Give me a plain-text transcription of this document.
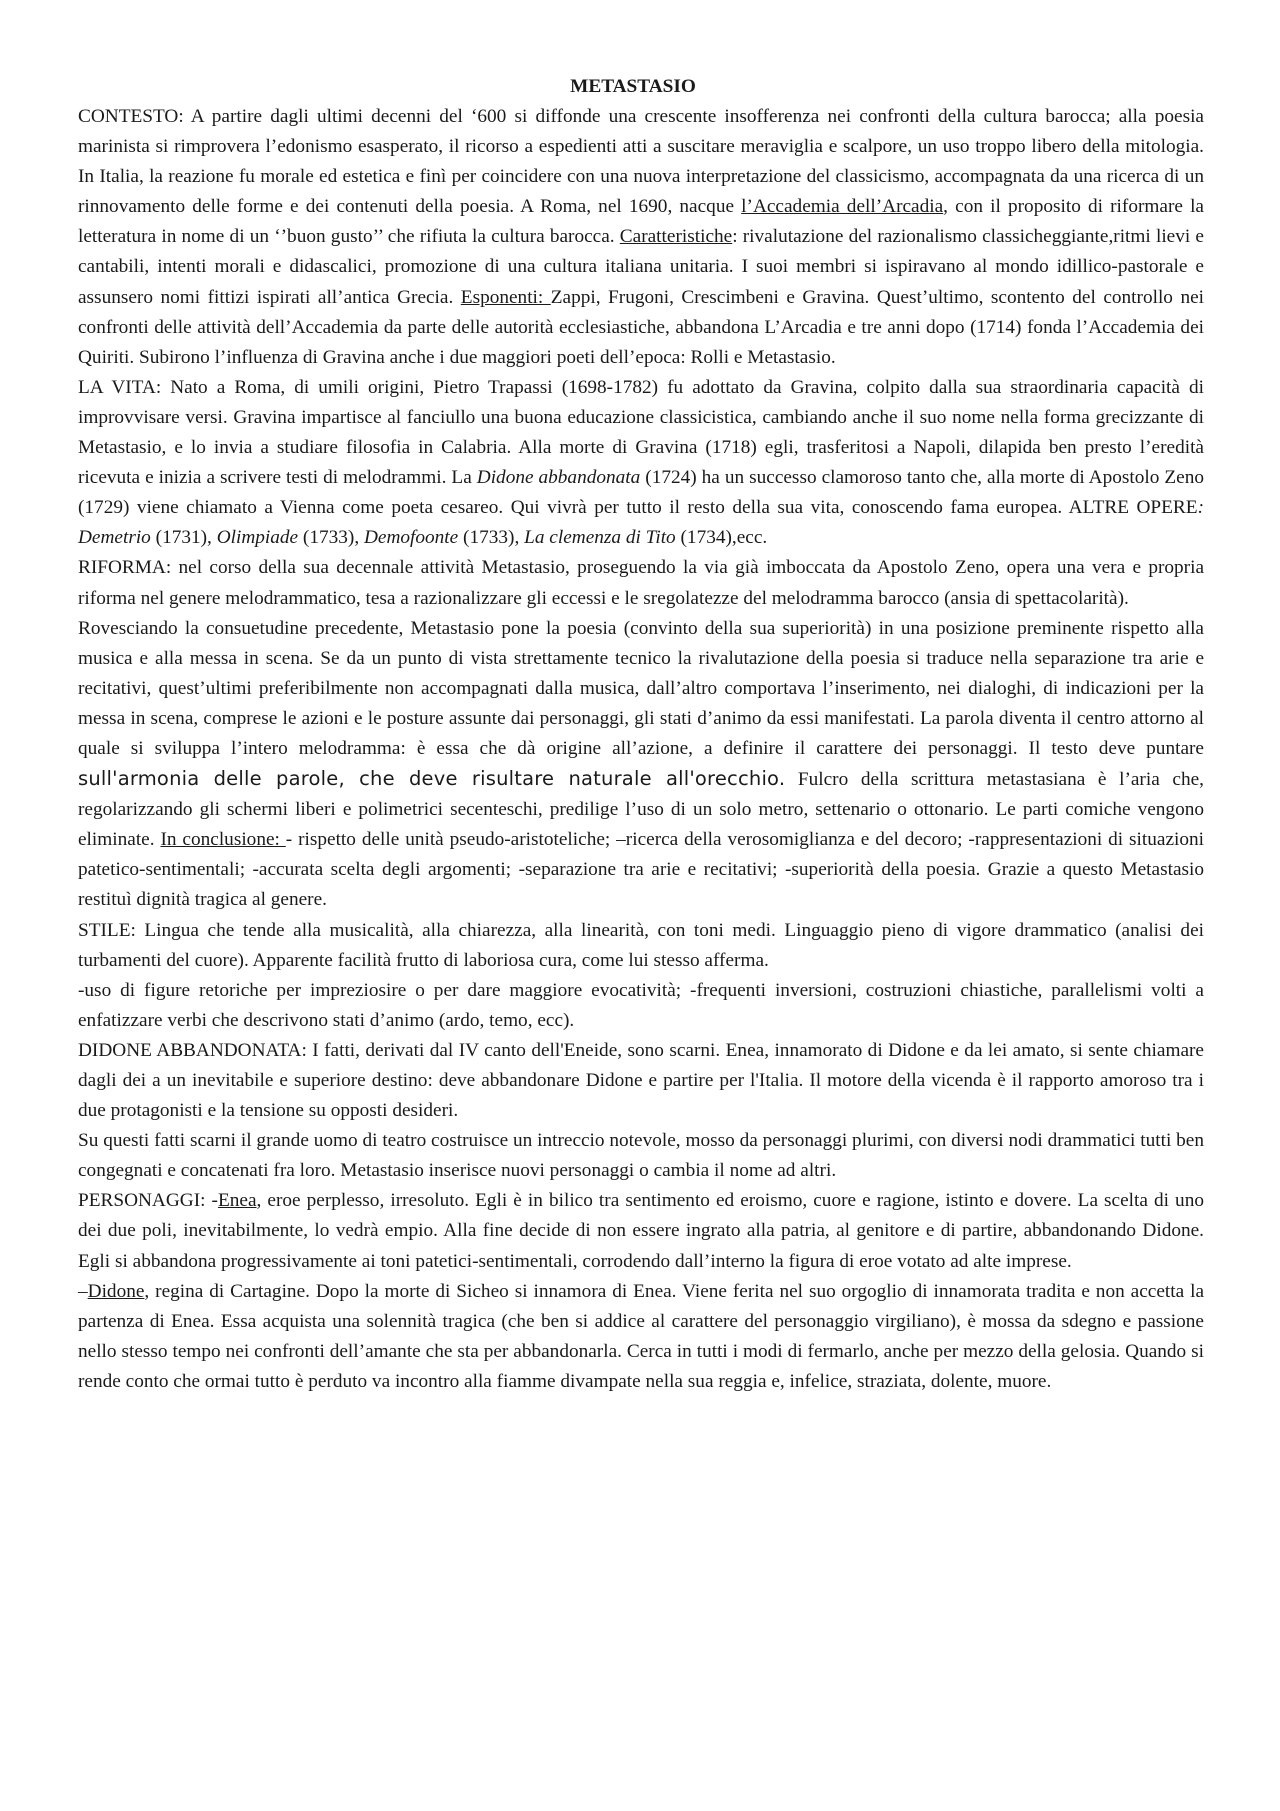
METASTASIO

CONTESTO: A partire dagli ultimi decenni del ‘600 si diffonde una crescente insofferenza nei confronti della cultura barocca; alla poesia marinista si rimprovera l’edonismo esasperato, il ricorso a espedienti atti a suscitare meraviglia e scalpore, un uso troppo libero della mitologia. In Italia, la reazione fu morale ed estetica e finì per coincidere con una nuova interpretazione del classicismo, accompagnata da una ricerca di un rinnovamento delle forme e dei contenuti della poesia. A Roma, nel 1690, nacque l’Accademia dell’Arcadia, con il proposito di riformare la letteratura in nome di un ‘’buon gusto’’ che rifiuta la cultura barocca. Caratteristiche: rivalutazione del razionalismo classicheggiante,ritmi lievi e cantabili, intenti morali e didascalici, promozione di una cultura italiana unitaria. I suoi membri si ispiravano al mondo idillico-pastorale e assunsero nomi fittizi ispirati all’antica Grecia. Esponenti: Zappi, Frugoni, Crescimbeni e Gravina. Quest’ultimo, scontento del controllo nei confronti delle attività dell’Accademia da parte delle autorità ecclesiastiche, abbandona L’Arcadia e tre anni dopo (1714) fonda l’Accademia dei Quiriti. Subirono l’influenza di Gravina anche i due maggiori poeti dell’epoca: Rolli e Metastasio.

LA VITA: Nato a Roma, di umili origini, Pietro Trapassi (1698-1782) fu adottato da Gravina, colpito dalla sua straordinaria capacità di improvvisare versi. Gravina impartisce al fanciullo una buona educazione classicistica, cambiando anche il suo nome nella forma grecizzante di Metastasio, e lo invia a studiare filosofia in Calabria. Alla morte di Gravina (1718) egli, trasferitosi a Napoli, dilapida ben presto l’eredità ricevuta e inizia a scrivere testi di melodrammi. La Didone abbandonata (1724) ha un successo clamoroso tanto che, alla morte di Apostolo Zeno (1729) viene chiamato a Vienna come poeta cesareo. Qui vivrà per tutto il resto della sua vita, conoscendo fama europea. ALTRE OPERE: Demetrio (1731), Olimpiade (1733), Demofoonte (1733), La clemenza di Tito (1734),ecc.

RIFORMA: nel corso della sua decennale attività Metastasio, proseguendo la via già imboccata da Apostolo Zeno, opera una vera e propria riforma nel genere melodrammatico, tesa a razionalizzare gli eccessi e le sregolatezze del melodramma barocco (ansia di spettacolarità).

Rovesciando la consuetudine precedente, Metastasio pone la poesia (convinto della sua superiorità) in una posizione preminente rispetto alla musica e alla messa in scena. Se da un punto di vista strettamente tecnico la rivalutazione della poesia si traduce nella separazione tra arie e recitativi, quest’ultimi preferibilmente non accompagnati dalla musica, dall’altro comportava l’inserimento, nei dialoghi, di indicazioni per la messa in scena, comprese le azioni e le posture assunte dai personaggi, gli stati d’animo da essi manifestati. La parola diventa il centro attorno al quale si sviluppa l’intero melodramma: è essa che dà origine all’azione, a definire il carattere dei personaggi. Il testo deve puntare sull'armonia delle parole, che deve risultare naturale all'orecchio. Fulcro della scrittura metastasiana è l’aria che, regolarizzando gli schermi liberi e polimetrici secenteschi, predilige l’uso di un solo metro, settenario o ottonario. Le parti comiche vengono eliminate. In conclusione: - rispetto delle unità pseudo-aristoteliche; –ricerca della verosomiglianza e del decoro; -rappresentazioni di situazioni patetico-sentimentali; -accurata scelta degli argomenti; -separazione tra arie e recitativi; -superiorità della poesia. Grazie a questo Metastasio restituì dignità tragica al genere.

STILE: Lingua che tende alla musicalità, alla chiarezza, alla linearità, con toni medi. Linguaggio pieno di vigore drammatico (analisi dei turbamenti del cuore). Apparente facilità frutto di laboriosa cura, come lui stesso afferma.

-uso di figure retoriche per impreziosire o per dare maggiore evocatività; -frequenti inversioni, costruzioni chiastiche, parallelismi volti a enfatizzare verbi che descrivono stati d’animo (ardo, temo, ecc).

DIDONE ABBANDONATA: I fatti, derivati dal IV canto dell'Eneide, sono scarni. Enea, innamorato di Didone e da lei amato, si sente chiamare dagli dei a un inevitabile e superiore destino: deve abbandonare Didone e partire per l'Italia. Il motore della vicenda è il rapporto amoroso tra i due protagonisti e la tensione su opposti desideri.

Su questi fatti scarni il grande uomo di teatro costruisce un intreccio notevole, mosso da personaggi plurimi, con diversi nodi drammatici tutti ben congegnati e concatenati fra loro. Metastasio inserisce nuovi personaggi o cambia il nome ad altri.

PERSONAGGI: -Enea, eroe perplesso, irresoluto. Egli è in bilico tra sentimento ed eroismo, cuore e ragione, istinto e dovere. La scelta di uno dei due poli, inevitabilmente, lo vedrà empio. Alla fine decide di non essere ingrato alla patria, al genitore e di partire, abbandonando Didone. Egli si abbandona progressivamente ai toni patetici-sentimentali, corrodendo dall’interno la figura di eroe votato ad alte imprese.

–Didone, regina di Cartagine. Dopo la morte di Sicheo si innamora di Enea. Viene ferita nel suo orgoglio di innamorata tradita e non accetta la partenza di Enea. Essa acquista una solennità tragica (che ben si addice al carattere del personaggio virgiliano), è mossa da sdegno e passione nello stesso tempo nei confronti dell’amante che sta per abbandonarla. Cerca in tutti i modi di fermarlo, anche per mezzo della gelosia. Quando si rende conto che ormai tutto è perduto va incontro alla fiamme divampate nella sua reggia e, infelice, straziata, dolente, muore.
